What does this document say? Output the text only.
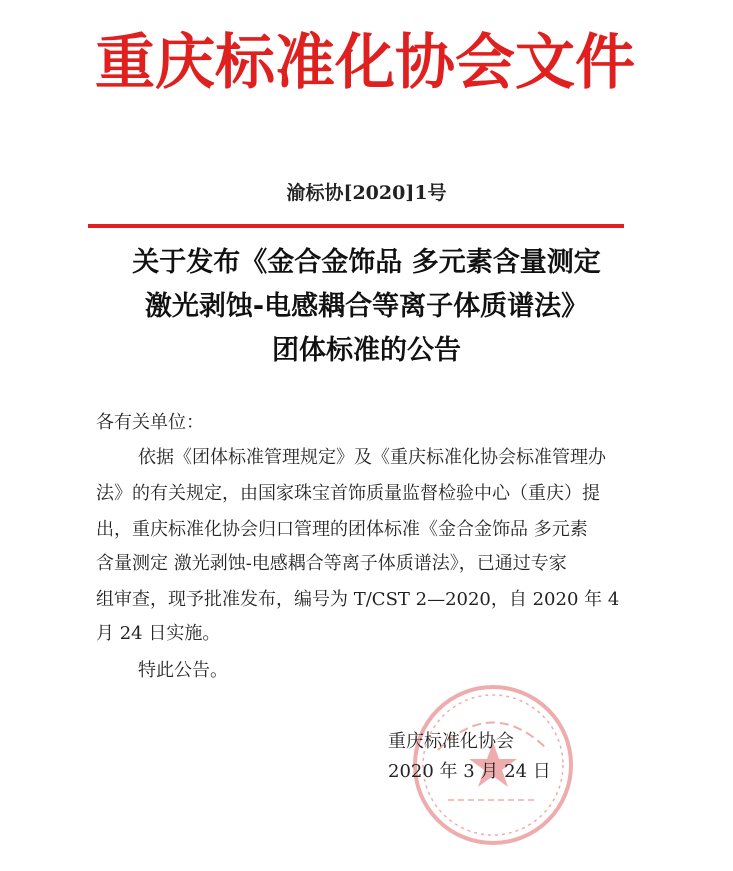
重庆标准化协会文件
渝标协[2020]1号
关于发布《金合金饰品 多元素含量测定
激光剥蚀-电感耦合等离子体质谱法》
团体标准的公告
各有关单位：
依据《团体标准管理规定》及《重庆标准化协会标准管理办
法》的有关规定，由国家珠宝首饰质量监督检验中心（重庆）提
出，重庆标准化协会归口管理的团体标准《金合金饰品 多元素
含量测定 激光剥蚀-电感耦合等离子体质谱法》，已通过专家
组审查，现予批准发布，编号为 T/CST 2—2020，自 2020 年 4
月 24 日实施。
特此公告。
重庆标准化协会
2020 年 3 月 24 日
